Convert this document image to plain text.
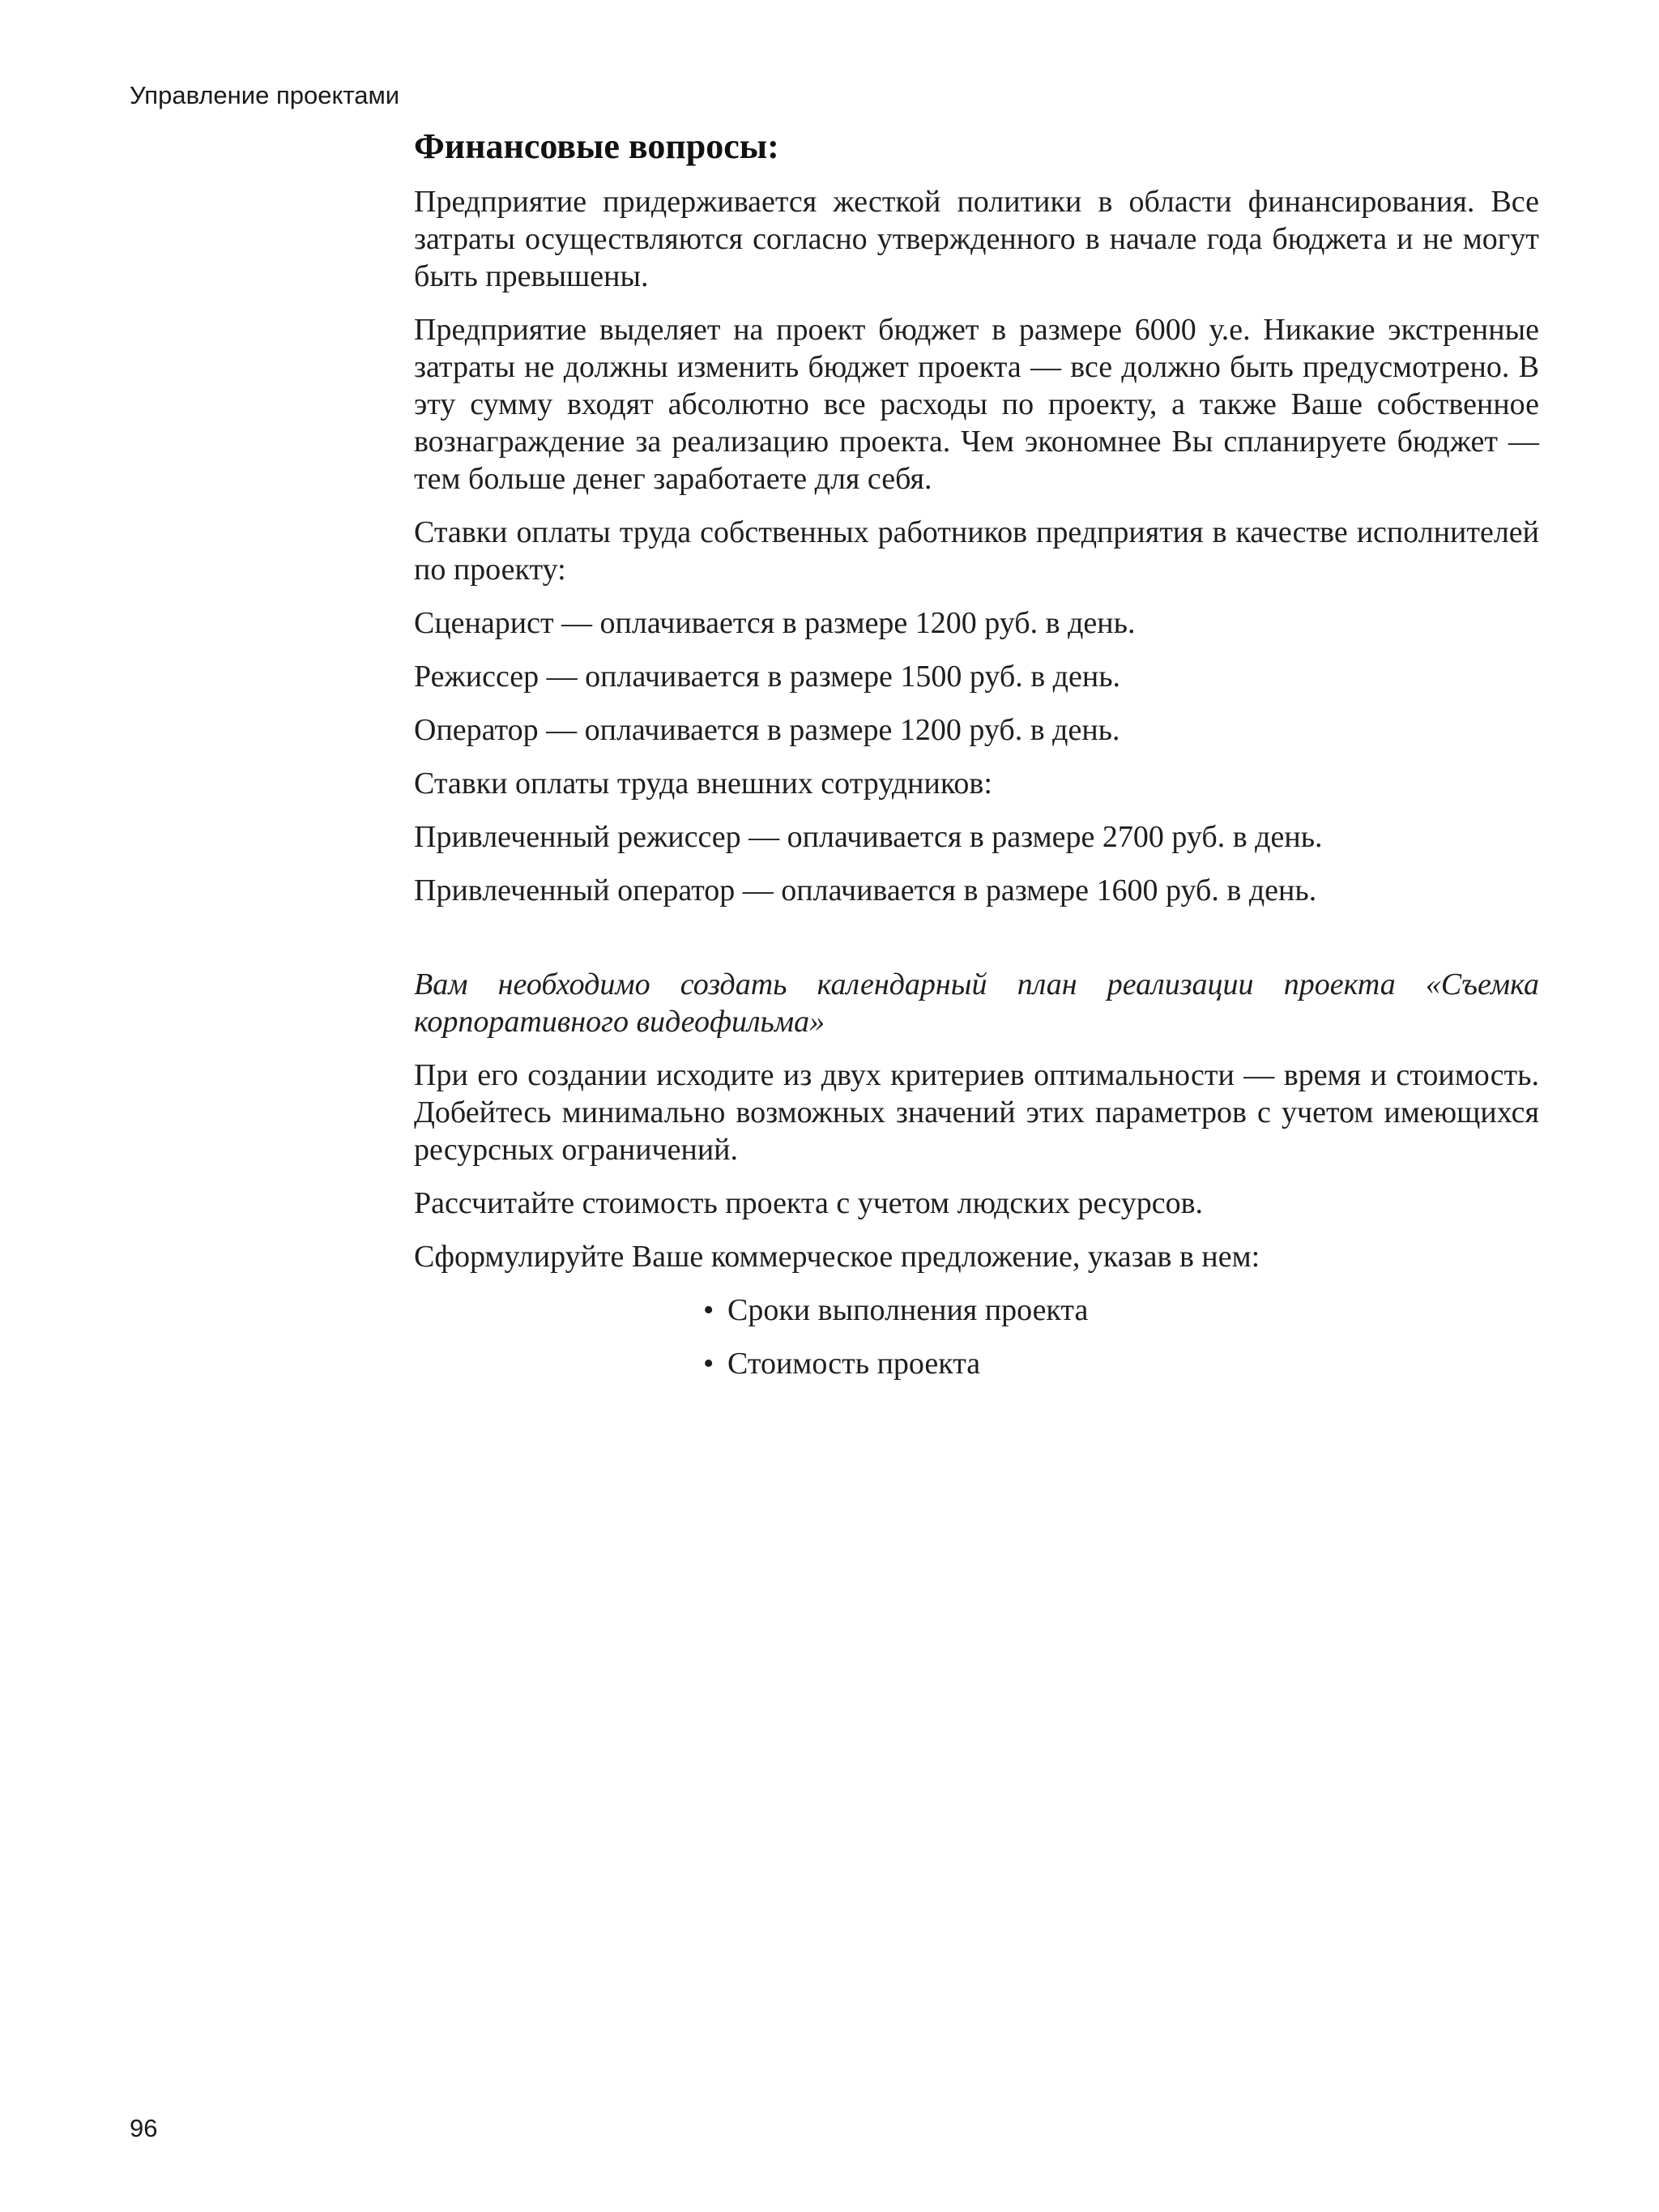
Управление проектами
Финансовые вопросы:

Предприятие придерживается жесткой политики в области финансирования. Все затраты осуществляются согласно утвержденного в начале года бюджета и не могут быть превышены.

Предприятие выделяет на проект бюджет в размере 6000 у.е. Никакие экстренные затраты не должны изменить бюджет проекта — все должно быть предусмотрено. В эту сумму входят абсолютно все расходы по проекту, а также Ваше собственное вознаграждение за реализацию проекта. Чем экономнее Вы спланируете бюджет — тем больше денег заработаете для себя.

Ставки оплаты труда собственных работников предприятия в качестве исполнителей по проекту:

Сценарист — оплачивается в размере 1200 руб. в день.

Режиссер — оплачивается в размере 1500 руб. в день.

Оператор — оплачивается в размере 1200 руб. в день.

Ставки оплаты труда внешних сотрудников:

Привлеченный режиссер — оплачивается в размере 2700 руб. в день.

Привлеченный оператор — оплачивается в размере 1600 руб. в день.

Вам необходимо создать календарный план реализации проекта «Съемка корпоративного видеофильма»

При его создании исходите из двух критериев оптимальности — время и стоимость. Добейтесь минимально возможных значений этих параметров с учетом имеющихся ресурсных ограничений.

Рассчитайте стоимость проекта с учетом людских ресурсов.

Сформулируйте Ваше коммерческое предложение, указав в нем:

• Сроки выполнения проекта
• Стоимость проекта
96
